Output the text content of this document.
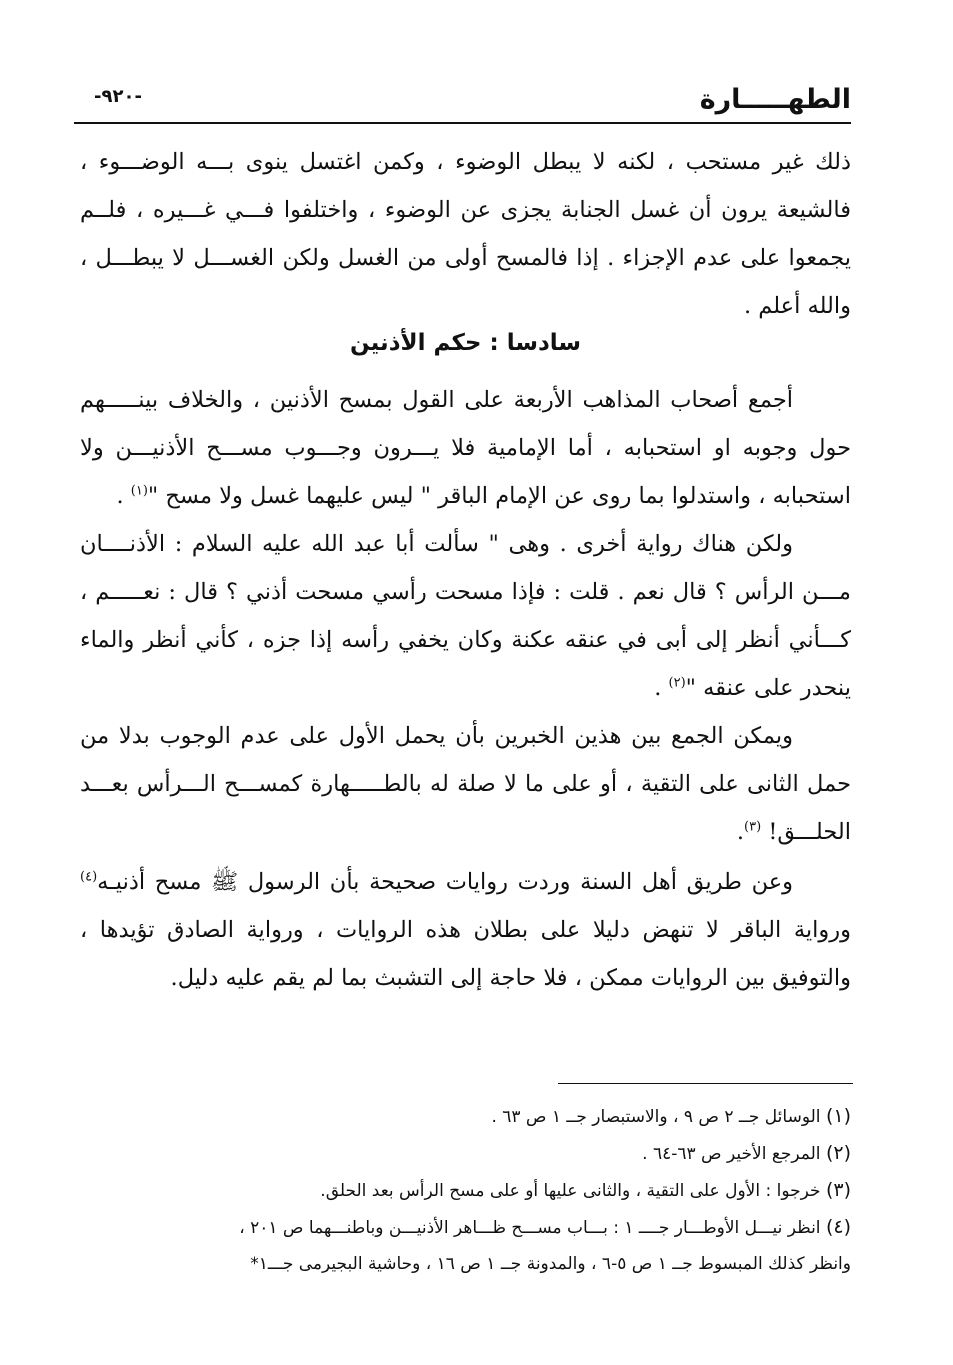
الطهـــــارة
-٩٢٠-

ذلك غير مستحب ، لكنه لا يبطل الوضوء ، وكمن اغتسل ينوى بـــه الوضـــوء ، فالشيعة يرون أن غسل الجنابة يجزى عن الوضوء ، واختلفوا فـــي غـــيره ، فلــم يجمعوا على عدم الإجزاء . إذا فالمسح أولى من الغسل ولكن الغســـل لا يبطـــل ، والله أعلم .

سادسا : حكم الأذنين

أجمع أصحاب المذاهب الأربعة على القول بمسح الأذنين ، والخلاف بينـــــهم حول وجوبه او استحبابه ، أما الإمامية فلا يـــرون وجـــوب مســـح الأذنيـــن ولا استحبابه ، واستدلوا بما روى عن الإمام الباقر " ليس عليهما غسل ولا مسح "$^{(١)}$ .

ولكن هناك رواية أخرى . وهى " سألت أبا عبد الله عليه السلام : الأذنــــان مـــن الرأس ؟ قال نعم . قلت : فإذا مسحت رأسي مسحت أذني ؟ قال : نعـــــم ، كـــأني أنظر إلى أبى في عنقه عكنة وكان يخفي رأسه إذا جزه ، كأني أنظر والماء ينحدر على عنقه "$^{(٢)}$ .

ويمكن الجمع بين هذين الخبرين بأن يحمل الأول على عدم الوجوب بدلا من حمل الثانى على التقية ، أو على ما لا صلة له بالطـــــهارة كمســـح الـــرأس بعـــد الحلـــق! $^{(٣)}$.

وعن طريق أهل السنة وردت روايات صحيحة بأن الرسول ﷺ مسح أذنيـه$^{(٤)}$ ورواية الباقر لا تنهض دليلا على بطلان هذه الروايات ، ورواية الصادق تؤيدها ، والتوفيق بين الروايات ممكن ، فلا حاجة إلى التشبث بما لم يقم عليه دليل.

(١) الوسائل جــ ٢ ص ٩ ، والاستبصار جــ ١ ص ٦٣ .
(٢) المرجع الأخير ص ٦٣-٦٤ .
(٣) خرجوا : الأول على التقية ، والثانى عليها أو على مسح الرأس بعد الحلق.
(٤) انظر نيـــل الأوطـــار جــــ ١ : بـــاب مســـح ظـــاهر الأذنيـــن وباطنـــهما ص ٢٠١ ،
وانظر كذلك المبسوط جــ ١ ص ٥-٦ ، والمدونة جــ ١ ص ١٦ ، وحاشية البجيرمى جـــ١*
